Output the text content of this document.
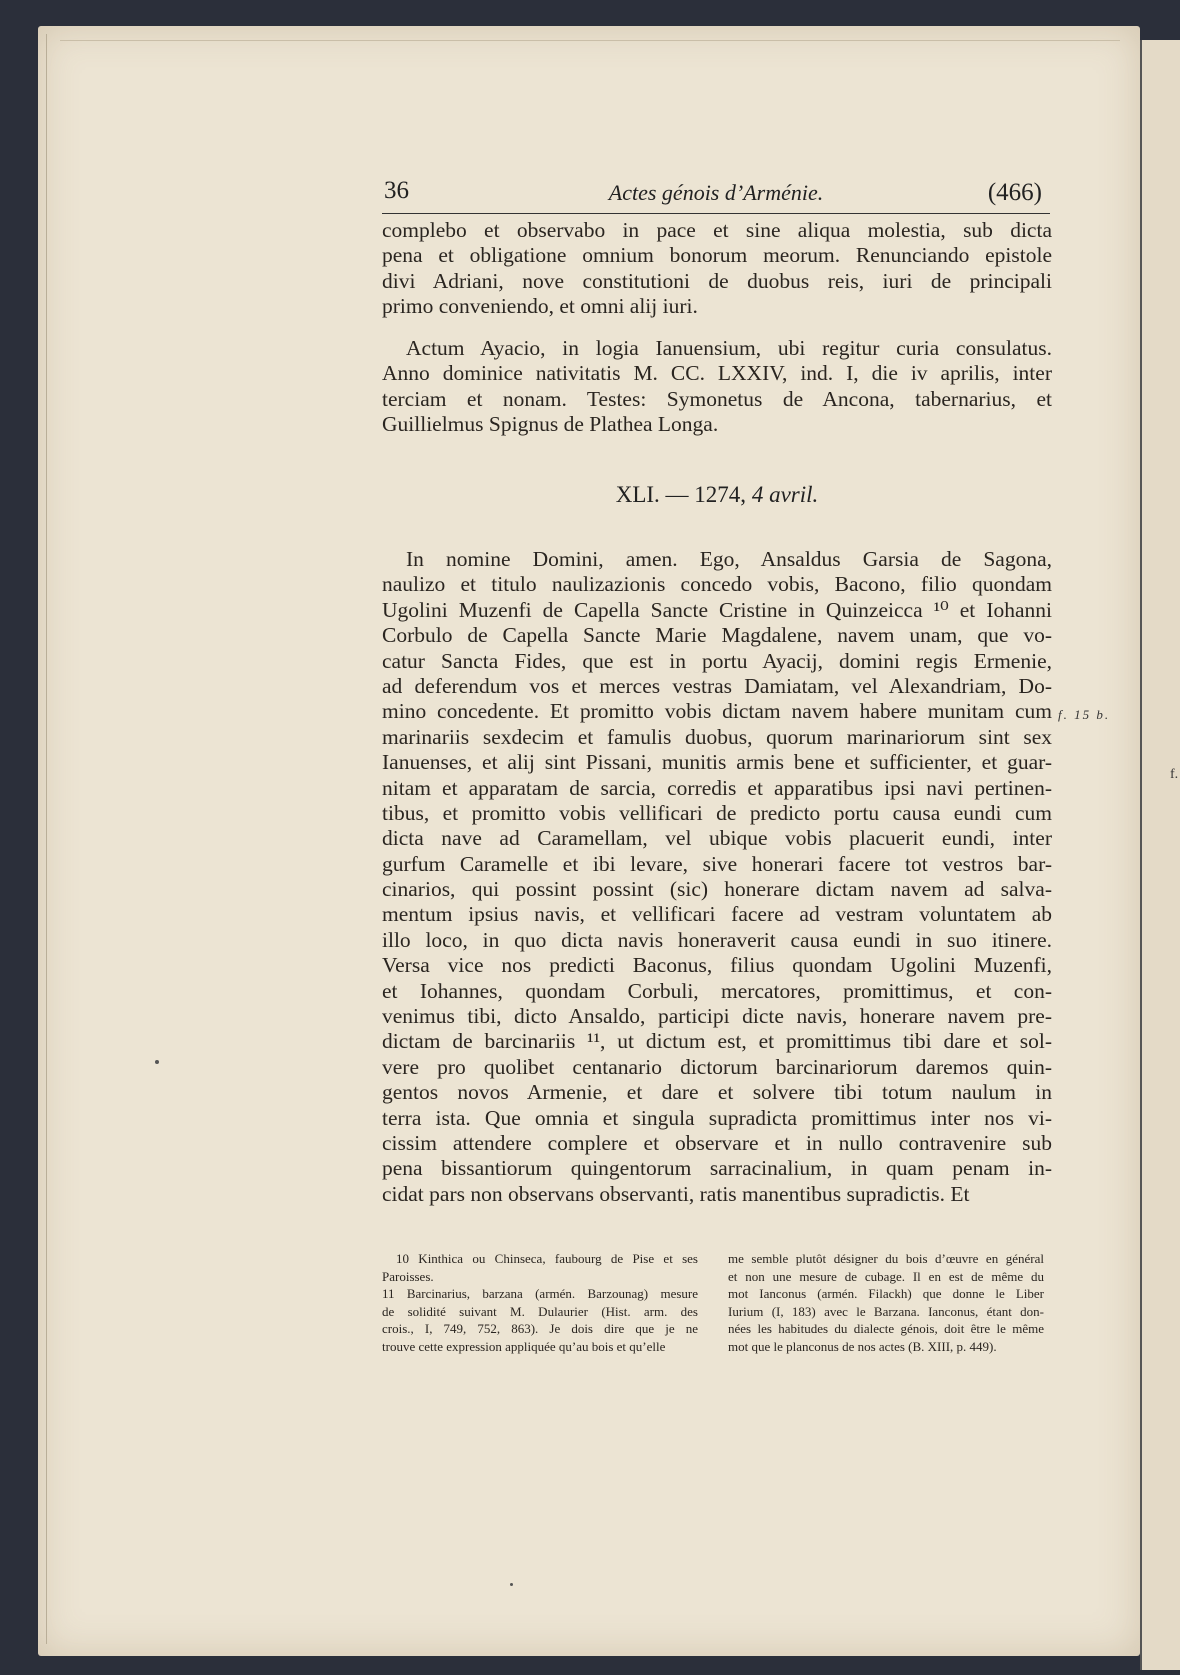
f.
36	Actes génois d’Arménie.	(466)
complebo et observabo in pace et sine aliqua molestia, sub dicta
pena et obligatione omnium bonorum meorum. Renunciando epistole
divi Adriani, nove constitutioni de duobus reis, iuri de principali
primo conveniendo, et omni alij iuri.
Actum Ayacio, in logia Ianuensium, ubi regitur curia consulatus.
Anno dominice nativitatis M. CC. LXXIV, ind. I, die iv aprilis, inter
terciam et nonam. Testes: Symonetus de Ancona, tabernarius, et
Guillielmus Spignus de Plathea Longa.
XLI. — 1274, 4 avril.
In nomine Domini, amen. Ego, Ansaldus Garsia de Sagona,
naulizo et titulo naulizazionis concedo vobis, Bacono, filio quondam
Ugolini Muzenfi de Capella Sancte Cristine in Quinzeicca ¹⁰ et Iohanni
Corbulo de Capella Sancte Marie Magdalene, navem unam, que vo-
catur Sancta Fides, que est in portu Ayacij, domini regis Ermenie,
ad deferendum vos et merces vestras Damiatam, vel Alexandriam, Do-
mino concedente. Et promitto vobis dictam navem habere munitam cum
marinariis sexdecim et famulis duobus, quorum marinariorum sint sex
Ianuenses, et alij sint Pissani, munitis armis bene et sufficienter, et guar-
nitam et apparatam de sarcia, corredis et apparatibus ipsi navi pertinen-
tibus, et promitto vobis vellificari de predicto portu causa eundi cum
dicta nave ad Caramellam, vel ubique vobis placuerit eundi, inter
gurfum Caramelle et ibi levare, sive honerari facere tot vestros bar-
cinarios, qui possint possint (sic) honerare dictam navem ad salva-
mentum ipsius navis, et vellificari facere ad vestram voluntatem ab
illo loco, in quo dicta navis honeraverit causa eundi in suo itinere.
Versa vice nos predicti Baconus, filius quondam Ugolini Muzenfi,
et Iohannes, quondam Corbuli, mercatores, promittimus, et con-
venimus tibi, dicto Ansaldo, participi dicte navis, honerare navem pre-
dictam de barcinariis ¹¹, ut dictum est, et promittimus tibi dare et sol-
vere pro quolibet centanario dictorum barcinariorum daremos quin-
gentos novos Armenie, et dare et solvere tibi totum naulum in
terra ista. Que omnia et singula supradicta promittimus inter nos vi-
cissim attendere complere et observare et in nullo contravenire sub
pena bissantiorum quingentorum sarracinalium, in quam penam in-
cidat pars non observans observanti, ratis manentibus supradictis. Et
f. 15 b.
10 Kinthica ou Chinseca, faubourg de Pise et ses
Paroisses.
11 Barcinarius, barzana (armén. Barzounag) mesure
de solidité suivant M. Dulaurier (Hist. arm. des
crois., I, 749, 752, 863). Je dois dire que je ne
trouve cette expression appliquée qu’au bois et qu’elle
me semble plutôt désigner du bois d’œuvre en général
et non une mesure de cubage. Il en est de même du
mot Ianconus (armén. Filackh) que donne le Liber
Iurium (I, 183) avec le Barzana. Ianconus, étant don-
nées les habitudes du dialecte génois, doit être le même
mot que le planconus de nos actes (B. XIII, p. 449).
